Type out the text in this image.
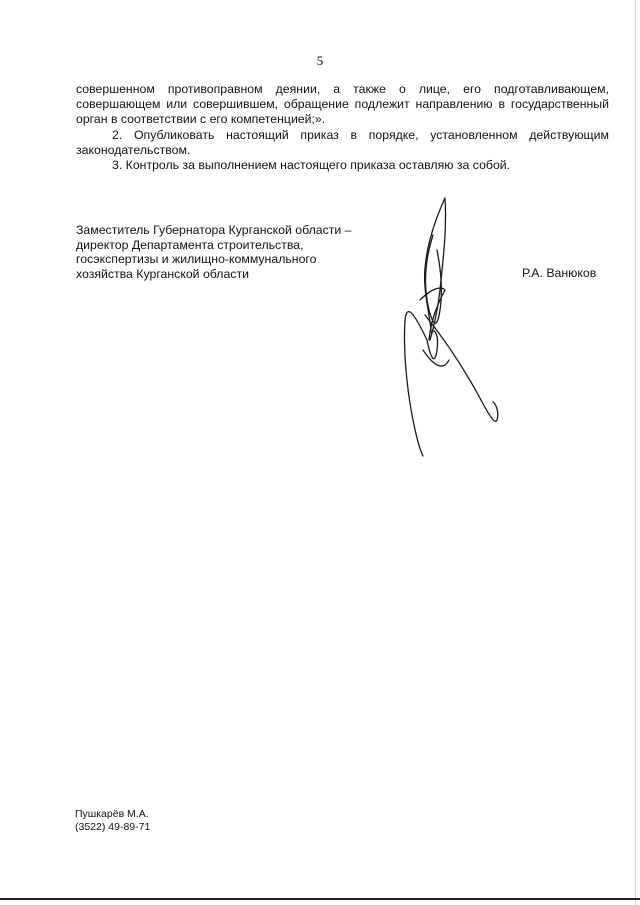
5

совершенном противоправном деянии, а также о лице, его подготавливающем, совершающем или совершившем, обращение подлежит направлению в государственный орган в соответствии с его компетенцией;».

2. Опубликовать настоящий приказ в порядке, установленном действующим законодательством.

3. Контроль за выполнением настоящего приказа оставляю за собой.

Заместитель Губернатора Курганской области –
директор Департамента строительства,
госэкспертизы и жилищно-коммунального
хозяйства Курганской области	Р.А. Ванюков
Пушкарёв М.А.
(3522) 49-89-71
